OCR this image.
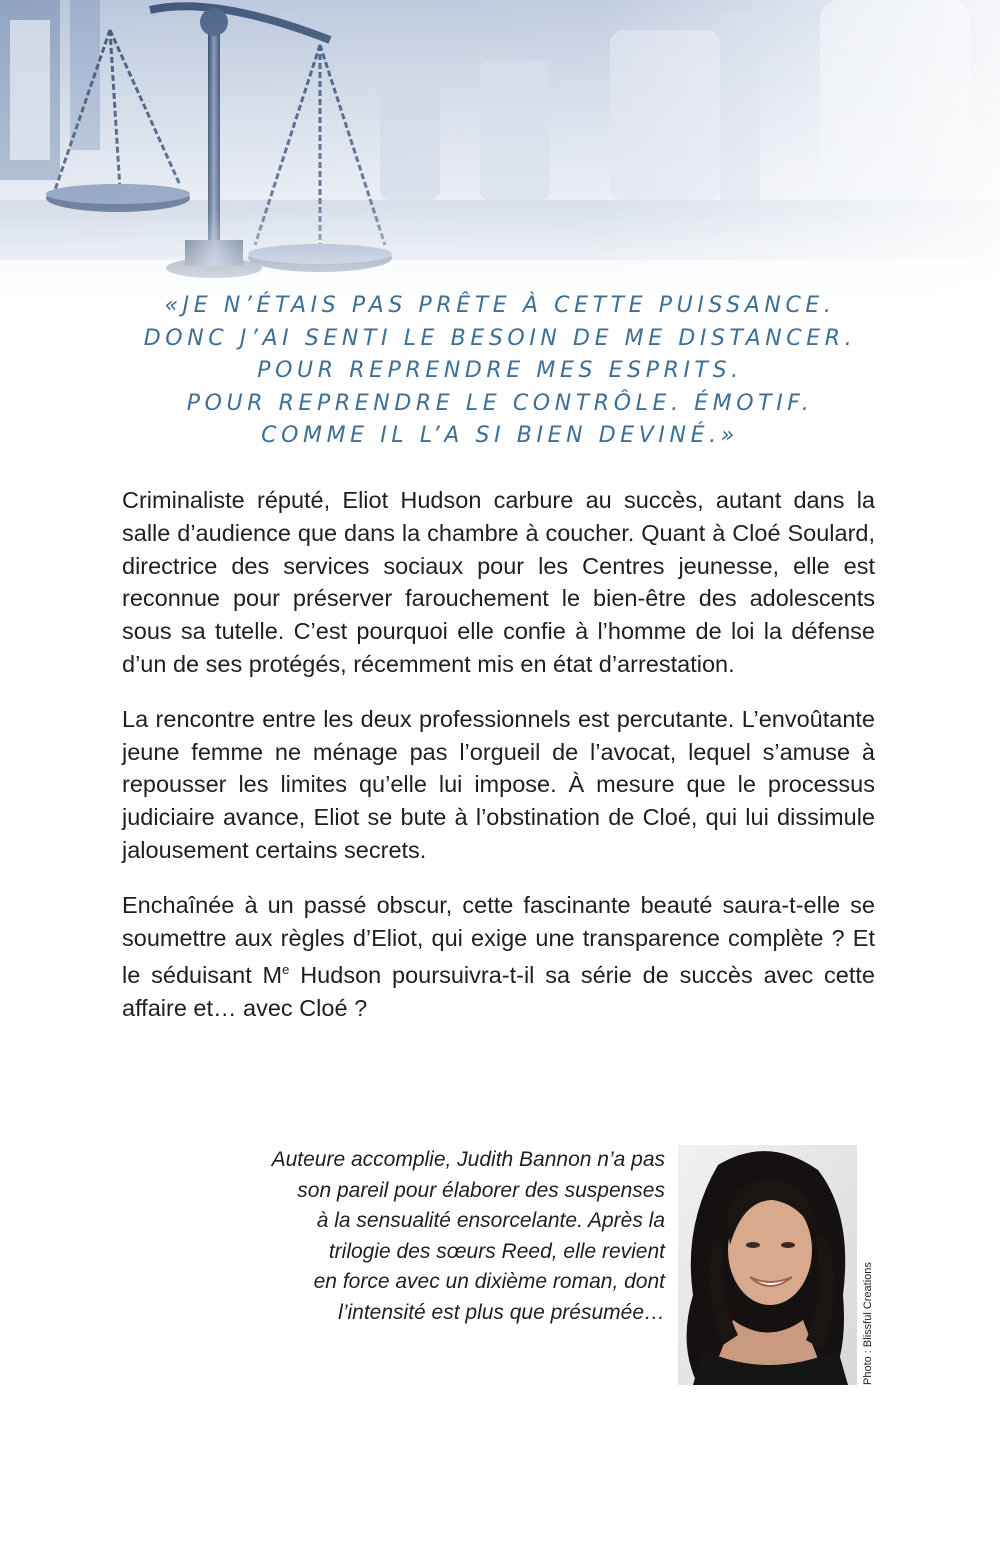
«JE N’ÉTAIS PAS PRÊTE À CETTE PUISSANCE.
DONC J’AI SENTI LE BESOIN DE ME DISTANCER.
POUR REPRENDRE MES ESPRITS.
POUR REPRENDRE LE CONTRÔLE. ÉMOTIF.
COMME IL L’A SI BIEN DEVINÉ.»

Criminaliste réputé, Eliot Hudson carbure au succès, autant dans la salle d’audience que dans la chambre à coucher. Quant à Cloé Soulard, directrice des services sociaux pour les Centres jeunesse, elle est reconnue pour préserver farouchement le bien-être des adolescents sous sa tutelle. C’est pourquoi elle confie à l’homme de loi la défense d’un de ses protégés, récemment mis en état d’arrestation.

La rencontre entre les deux professionnels est percutante. L’envoûtante jeune femme ne ménage pas l’orgueil de l’avocat, lequel s’amuse à repousser les limites qu’elle lui impose. À mesure que le processus judiciaire avance, Eliot se bute à l’obstination de Cloé, qui lui dissimule jalousement certains secrets.

Enchaînée à un passé obscur, cette fascinante beauté saura-t-elle se soumettre aux règles d’Eliot, qui exige une transparence complète ? Et le séduisant Me Hudson poursuivra-t-il sa série de succès avec cette affaire et… avec Cloé ?

Auteure accomplie, Judith Bannon n’a pas
son pareil pour élaborer des suspenses
à la sensualité ensorcelante. Après la
trilogie des sœurs Reed, elle revient
en force avec un dixième roman, dont
l’intensité est plus que présumée…	Photo : Blissful Creations
